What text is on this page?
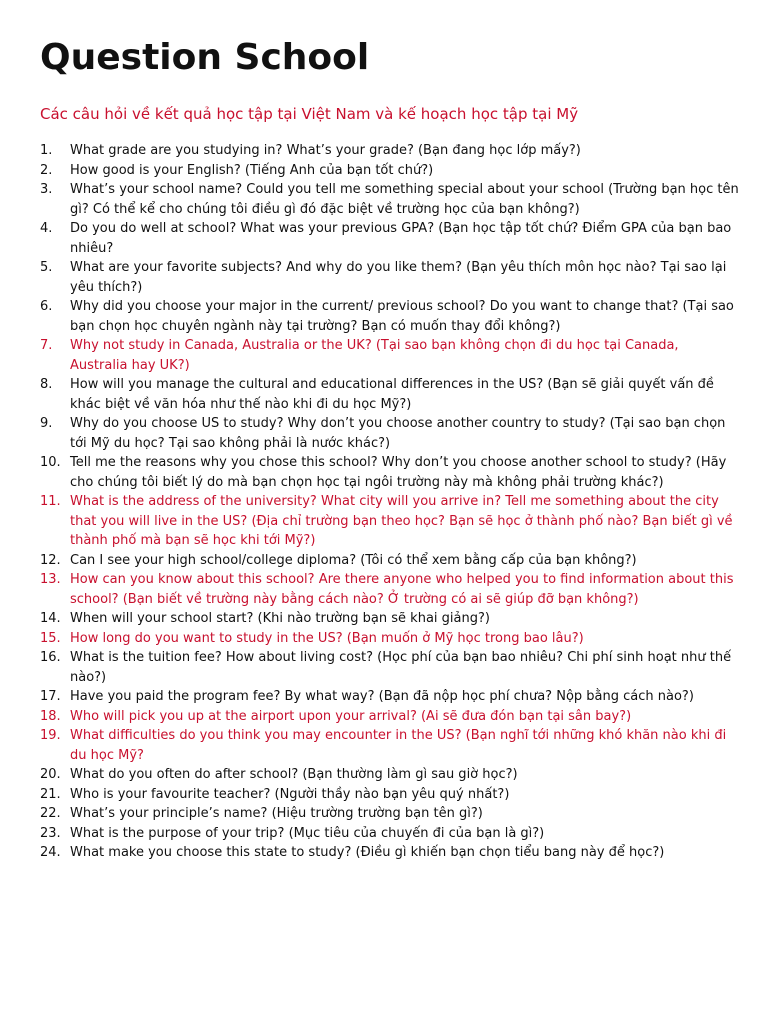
Question School

Các câu hỏi về kết quả học tập tại Việt Nam và kế hoạch học tập tại Mỹ

1.	What grade are you studying in? What’s your grade? (Bạn đang học lớp mấy?)
2.	How good is your English? (Tiếng Anh của bạn tốt chứ?)
3.	What’s your school name? Could you tell me something special about your school (Trường bạn học tên gì? Có thể kể cho chúng tôi điều gì đó đặc biệt về trường học của bạn không?)
4.	Do you do well at school? What was your previous GPA? (Bạn học tập tốt chứ? Điểm GPA của bạn bao nhiêu?
5.	What are your favorite subjects? And why do you like them? (Bạn yêu thích môn học nào? Tại sao lại yêu thích?)
6.	Why did you choose your major in the current/ previous school? Do you want to change that? (Tại sao bạn chọn học chuyên ngành này tại trường? Bạn có muốn thay đổi không?)
7.	Why not study in Canada, Australia or the UK? (Tại sao bạn không chọn đi du học tại Canada, Australia hay UK?)
8.	How will you manage the cultural and educational differences in the US? (Bạn sẽ giải quyết vấn đề khác biệt về văn hóa như thế nào khi đi du học Mỹ?)
9.	Why do you choose US to study? Why don’t you choose another country to study? (Tại sao bạn chọn tới Mỹ du học? Tại sao không phải là nước khác?)
10. Tell me the reasons why you chose this school? Why don’t you choose another school to study? (Hãy cho chúng tôi biết lý do mà bạn chọn học tại ngôi trường này mà không phải trường khác?)
11. What is the address of the university? What city will you arrive in? Tell me something about the city that you will live in the US? (Địa chỉ trường bạn theo học? Bạn sẽ học ở thành phố nào? Bạn biết gì về thành phố mà bạn sẽ học khi tới Mỹ?)
12. Can I see your high school/college diploma? (Tôi có thể xem bằng cấp của bạn không?)
13. How can you know about this school? Are there anyone who helped you to find information about this school? (Bạn biết về trường này bằng cách nào? Ở trường có ai sẽ giúp đỡ bạn không?)
14. When will your school start? (Khi nào trường bạn sẽ khai giảng?)
15. How long do you want to study in the US? (Bạn muốn ở Mỹ học trong bao lâu?)
16. What is the tuition fee? How about living cost? (Học phí của bạn bao nhiêu? Chi phí sinh hoạt như thế nào?)
17. Have you paid the program fee? By what way? (Bạn đã nộp học phí chưa? Nộp bằng cách nào?)
18. Who will pick you up at the airport upon your arrival? (Ai sẽ đưa đón bạn tại sân bay?)
19. What difficulties do you think you may encounter in the US? (Bạn nghĩ tới những khó khăn nào khi đi du học Mỹ?
20. What do you often do after school? (Bạn thường làm gì sau giờ học?)
21. Who is your favourite teacher? (Người thầy nào bạn yêu quý nhất?)
22. What’s your principle’s name? (Hiệu trường trường bạn tên gì?)
23. What is the purpose of your trip? (Mục tiêu của chuyến đi của bạn là gì?)
24. What make you choose this state to study? (Điều gì khiến bạn chọn tiểu bang này để học?)
